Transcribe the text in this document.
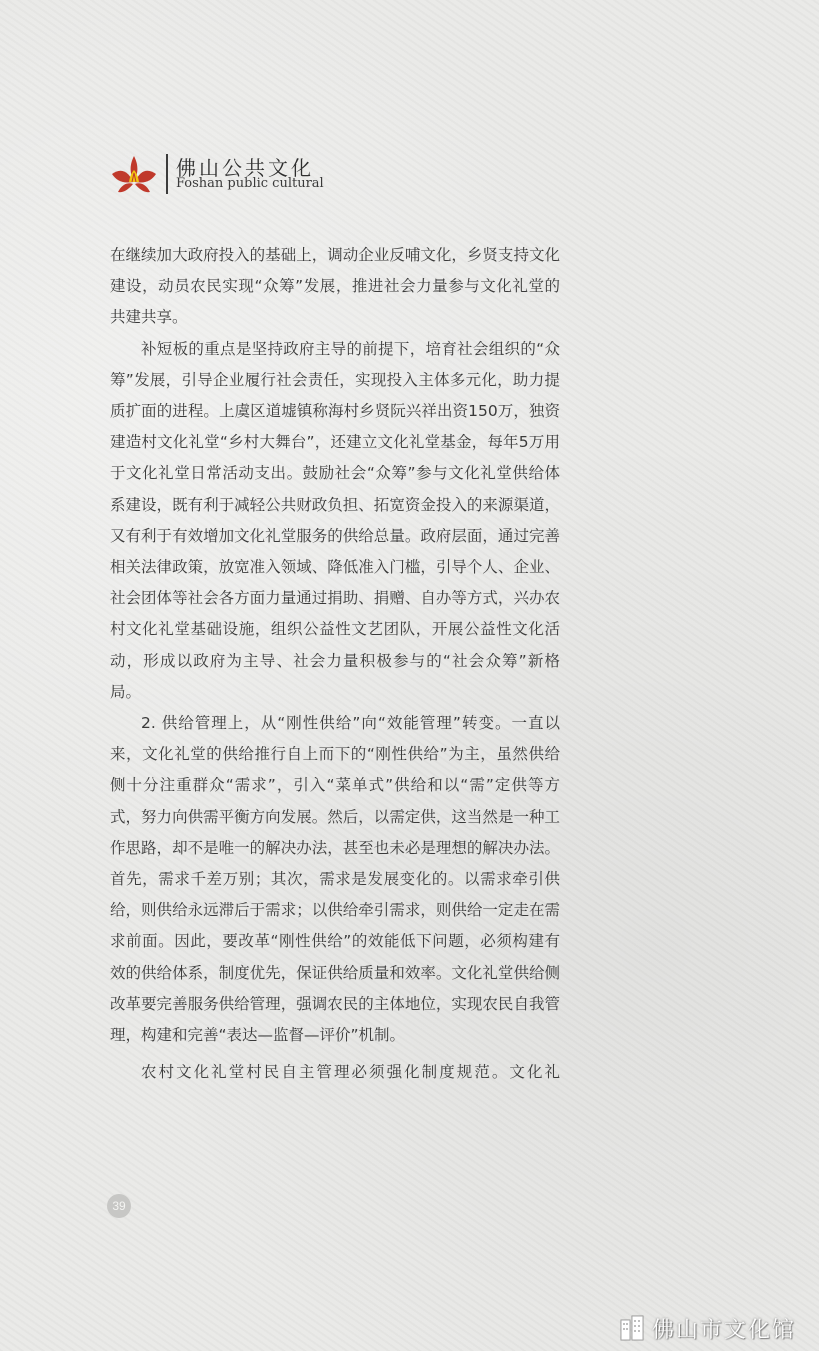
佛山公共文化
Foshan public cultural

在继续加大政府投入的基础上，调动企业反哺文化，乡贤支持文化建设，动员农民实现“众筹”发展，推进社会力量参与文化礼堂的共建共享。

补短板的重点是坚持政府主导的前提下，培育社会组织的“众筹”发展，引导企业履行社会责任，实现投入主体多元化，助力提质扩面的进程。上虞区道墟镇称海村乡贤阮兴祥出资150万，独资建造村文化礼堂“乡村大舞台”，还建立文化礼堂基金，每年5万用于文化礼堂日常活动支出。鼓励社会“众筹”参与文化礼堂供给体系建设，既有利于减轻公共财政负担、拓宽资金投入的来源渠道，又有利于有效增加文化礼堂服务的供给总量。政府层面，通过完善相关法律政策，放宽准入领域、降低准入门槛，引导个人、企业、社会团体等社会各方面力量通过捐助、捐赠、自办等方式，兴办农村文化礼堂基础设施，组织公益性文艺团队，开展公益性文化活动，形成以政府为主导、社会力量积极参与的“社会众筹”新格局。

2. 供给管理上，从“刚性供给”向“效能管理”转变。一直以来，文化礼堂的供给推行自上而下的“刚性供给”为主，虽然供给侧十分注重群众“需求”，引入“菜单式”供给和以“需”定供等方式，努力向供需平衡方向发展。然后，以需定供，这当然是一种工作思路，却不是唯一的解决办法，甚至也未必是理想的解决办法。首先，需求千差万别；其次，需求是发展变化的。以需求牵引供给，则供给永远滞后于需求；以供给牵引需求，则供给一定走在需求前面。因此，要改革“刚性供给”的效能低下问题，必须构建有效的供给体系，制度优先，保证供给质量和效率。文化礼堂供给侧改革要完善服务供给管理，强调农民的主体地位，实现农民自我管理，构建和完善“表达—监督—评价”机制。

农村文化礼堂村民自主管理必须强化制度规范。文化礼

39
佛山市文化馆
